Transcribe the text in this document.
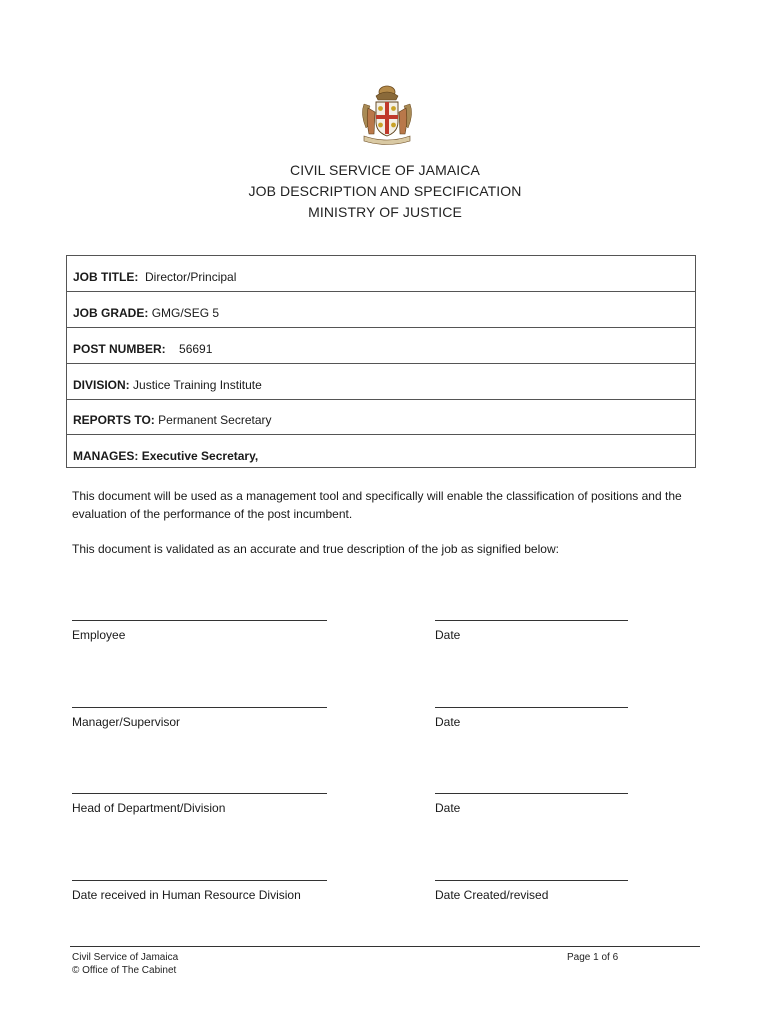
CIVIL SERVICE OF JAMAICA
JOB DESCRIPTION AND SPECIFICATION
MINISTRY OF JUSTICE
JOB TITLE: Director/Principal
JOB GRADE: GMG/SEG 5
POST NUMBER: 56691
DIVISION: Justice Training Institute
REPORTS TO: Permanent Secretary
MANAGES: Executive Secretary,
This document will be used as a management tool and specifically will enable the classification of positions and the evaluation of the performance of the post incumbent.
This document is validated as an accurate and true description of the job as signified below:
Employee	Date
Manager/Supervisor	Date
Head of Department/Division	Date
Date received in Human Resource Division	Date Created/revised
Civil Service of Jamaica
© Office of The Cabinet
Page 1 of 6
